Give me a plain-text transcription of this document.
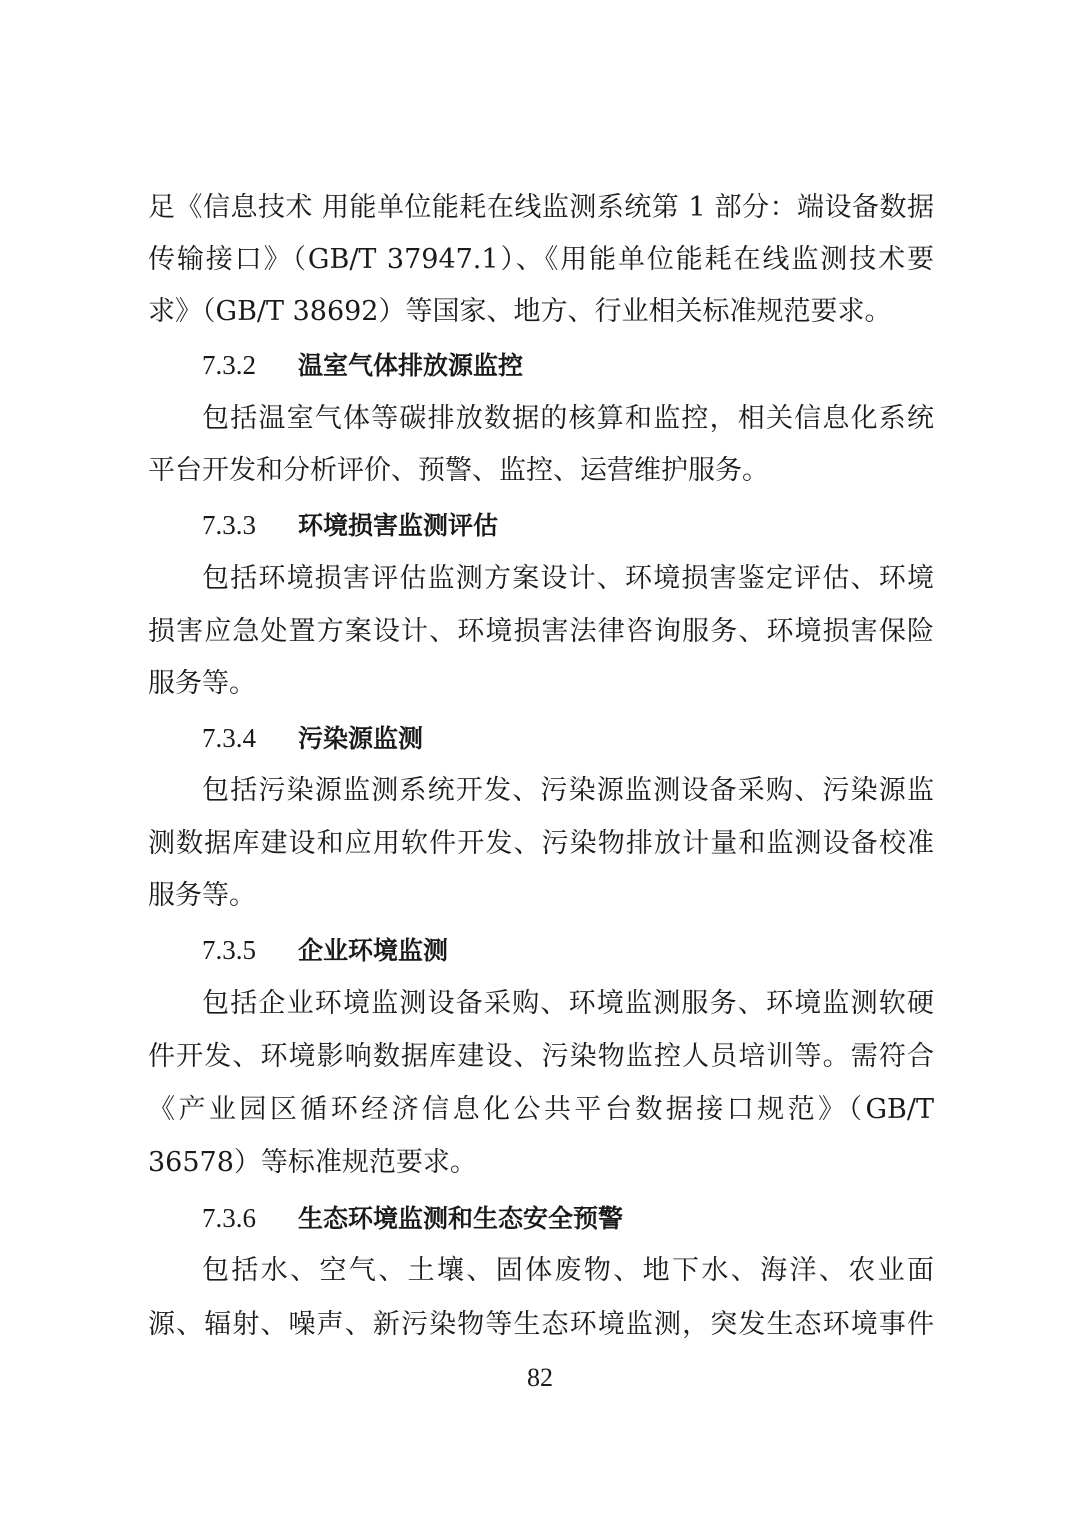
足《信息技术 用能单位能耗在线监测系统第 1 部分：端设备数据
传输接口》（GB/T 37947.1）、《用能单位能耗在线监测技术要
求》（GB/T 38692）等国家、地方、行业相关标准规范要求。
7.3.2 温室气体排放源监控
包括温室气体等碳排放数据的核算和监控，相关信息化系统
平台开发和分析评价、预警、监控、运营维护服务。
7.3.3 环境损害监测评估
包括环境损害评估监测方案设计、环境损害鉴定评估、环境
损害应急处置方案设计、环境损害法律咨询服务、环境损害保险
服务等。
7.3.4 污染源监测
包括污染源监测系统开发、污染源监测设备采购、污染源监
测数据库建设和应用软件开发、污染物排放计量和监测设备校准
服务等。
7.3.5 企业环境监测
包括企业环境监测设备采购、环境监测服务、环境监测软硬
件开发、环境影响数据库建设、污染物监控人员培训等。需符合
《产业园区循环经济信息化公共平台数据接口规范》（GB/T
36578）等标准规范要求。
7.3.6 生态环境监测和生态安全预警
包括水、空气、土壤、固体废物、地下水、海洋、农业面
源、辐射、噪声、新污染物等生态环境监测，突发生态环境事件
82
